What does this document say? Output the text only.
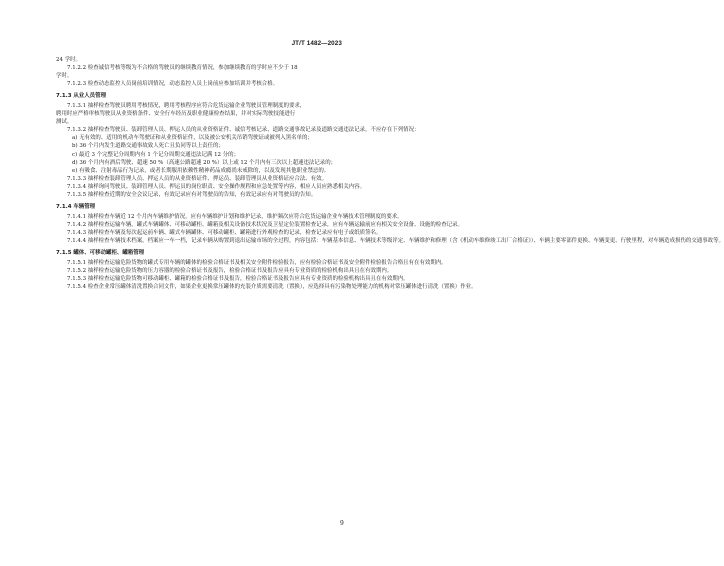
JT/T 1482—2023
24 学时。
7.1.2.2 检查诚信考核等级为不合格的驾驶员的继续教育情况，参加继续教育的学时应不少于 18
学时。
7.1.2.3 检查动态监控人员岗前培训情况，动态监控人员上岗前应参加培训并考核合格。
7.1.3 从业人员管理
7.1.3.1 抽样检查驾驶员聘用考核情况，聘用考核程序应符合危货运输企业驾驶员管理制度的要求，
聘用时应严格审核驾驶员从业资格条件、安全行车经历及职业健康检查结果，并对实际驾驶技能进行
测试。
7.1.3.2 抽样检查驾驶员、装卸管理人员、押运人员的从业资格证件、诚信考核记录、道路交通事故记录及道路交通违法记录，不应存在下列情况：
a) 无有效的、适用的机动车驾驶证和从业资格证件，以及被公安机关吊销驾驶证或被列入黑名单的；
b) 36 个月内发生道路交通事故致人死亡且负同等以上责任的；
c) 最近 3 个完整记分周期内有 1 个记分周期交通违法记满 12 分的；
d) 36 个月内有酒后驾驶、超速 50 %（高速公路超速 20 %）以上或 12 个月内有三次以上超速违法记录的；
e) 有吸食、注射毒品行为记录，或者长期服用依赖性精神药品成瘾尚未戒除的，以及发现其他职业禁忌的。
7.1.3.3 抽样检查装卸管理人员、押运人员的从业资格证件、押运员、装卸管理员从业资格证应合法、有效。
7.1.3.4 抽样询问驾驶员、装卸管理人员、押运员的岗位职责、安全操作规程和应急处置等内容，相应人员应熟悉相关内容。
7.1.3.5 抽样检查近期的安全会议记录，有效记录应有对驾驶员的告知，有效记录应有对驾驶员的告知。
7.1.4 车辆管理
7.1.4.1 抽样检查车辆近 12 个月内车辆维护情况，应有车辆维护计划和维护记录，维护频次应符合危货运输企业车辆技术管理制度的要求。
7.1.4.2 抽样检查运输车辆，罐式车辆罐体、可移动罐柜、罐箱及相关设备技术状况及卫星定位装置检查记录，应有车辆运输前应有相关安全设备、设施的检查记录。
7.1.4.3 抽样检查车辆及每次起运前车辆、罐式车辆罐体、可移动罐柜、罐箱进行外观检查的记录，检查记录应有电子或纸质签名。
7.1.4.4 抽样检查车辆技术档案，档案应一车一档，记录车辆从购置到退出运输市场的全过程，内容包括：车辆基本信息、车辆技术等级评定、车辆维护和修理（含《机动车维修竣工出厂合格证》）、车辆主要零部件更换、车辆变更、行驶里程，对车辆造成损伤的交通事故等。
7.1.5 罐体、可移动罐柜、罐箱管理
7.1.5.1 抽样检查运输危险货物的罐式专用车辆的罐体的检验合格证书及相关安全附件检验报告，应有检验合格证书及安全附件检验报告合格且有在有效期内。
7.1.5.2 抽样检查运输危险货物的压力容器的检验合格证书及报告，检验合格证书及报告应具有专业资质的检验机构出具且在有效期内。
7.1.5.3 抽样检查运输危险货物可移动罐柜、罐箱的检验合格证书及报告，检验合格证书及报告应具有专业资质的检验机构出具且在有效期内。
7.1.5.4 检查企业常压罐体清洗置换合同文件，如果企业更换常压罐体的充装介质需要清洗（置换），应选择具有污染物处理能力的机构对常压罐体进行清洗（置换）作业。
9
